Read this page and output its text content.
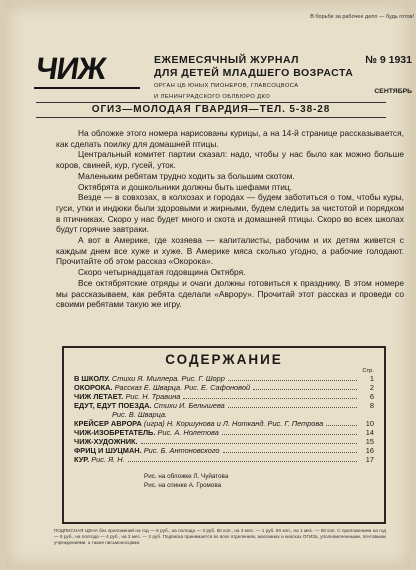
В борьбе за рабочее дело — будь готов!
ЧИЖ	ЕЖЕМЕСЯЧНЫЙ ЖУРНАЛ
ДЛЯ ДЕТЕЙ МЛАДШЕГО ВОЗРАСТА
ОРГАН ЦБ ЮНЫХ ПИОНЕРОВ, ГЛАВСОЦВОСА
И ЛЕНИНГРАДСКОГО ОБЛБЮРО ДКО
№ 9 1931
СЕНТЯБРЬ
ОГИЗ—МОЛОДАЯ ГВАРДИЯ—ТЕЛ. 5-38-28

На обложке этого номера нарисованы курицы, а на 14-й странице рассказывается, как сделать поилку для домашней птицы.

Центральный комитет партии сказал: надо, чтобы у нас было как можно больше коров, свиней, кур, гусей, уток.

Маленьким ребятам трудно ходить за большим скотом.

Октябрята и дошкольники должны быть шефами птиц.

Везде — в совхозах, в колхозах и городах — будем заботиться о том, чтобы куры, гуси, утки и индюки были здоровыми и жирными, будем следить за чистотой и порядком в птичниках. Скоро у нас будет много и скота и домашней птицы. Скоро во всех школах будут горячие завтраки.

А вот в Америке, где хозяева — капиталисты, рабочим и их детям живется с каждым днем все хуже и хуже. В Америке мяса сколько угодно, а рабочие голодают. Прочитайте об этом рассказ «Окорока».

Скоро четырнадцатая годовщина Октября.

Все октябрятские отряды и очаги должны готовиться к празднику. В этом номере мы рассказываем, как ребята сделали «Аврору». Прочитай этот рассказ и проведи со своими ребятами такую же игру.

СОДЕРЖАНИЕ
Стр.
В ШКОЛУ. Стихи Я. Миллера. Рис. Г. Шорр	1
ОКОРОКА. Рассказ Е. Шварца. Рис. Е. Сафоновой	2
ЧИЖ ЛЕТАЕТ. Рис. Н. Травина	6
ЕДУТ, ЕДУТ ПОЕЗДА. Стихи И. Белышева	8
Рис. В. Шварца.
КРЕЙСЕР АВРОРА (игра) Н. Коршунова и Л. Нотканд. Рис. Г. Петрова	10
ЧИЖ-ИЗОБРЕТАТЕЛЬ. Рис. А. Нолетова	14
ЧИЖ-ХУДОЖНИК.	15
ФРИЦ И ШУЦМАН. Рис. Б. Антоновского	16
КУР. Рис. Я. Н.	17
Рис. на обложке Л. Чуйатова
Рис. на спинке А. Громова
ПОДПИСНАЯ ЦЕНА без приложений на год — 6 руб., на полгода — 3 руб. 60 коп., на 3 мес. — 1 руб. 80 коп., на 1 мес. — 60 коп. С приложением на год — 8 руб., на полгода — 4 руб., на 3 мес. — 2 руб. Подписка принимается во всех отделениях, магазинах и киосках ОГИЗа, уполномоченными, почтовыми учреждениями, а также письмоносцами.
